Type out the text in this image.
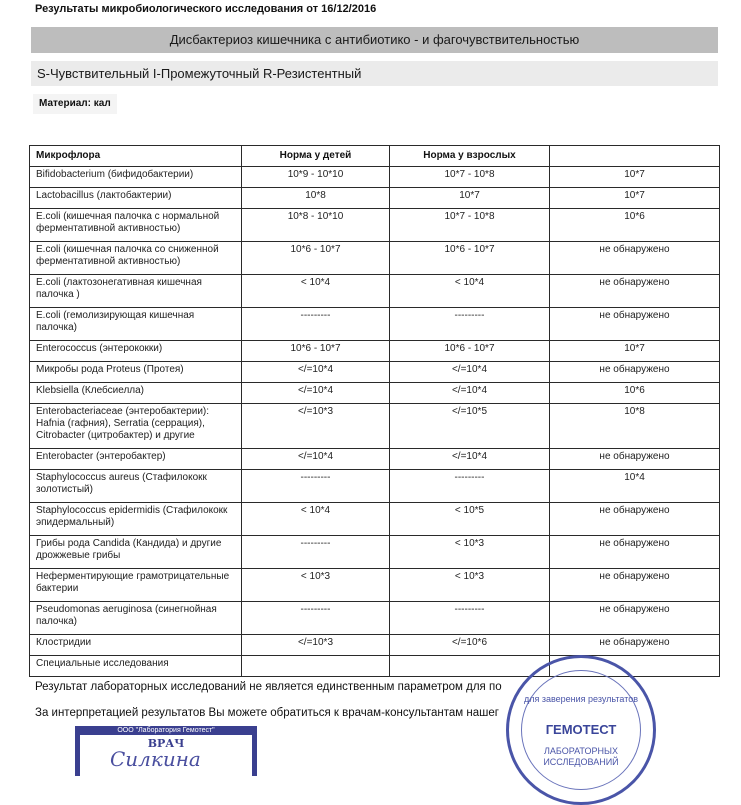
Результаты микробиологического исследования от 16/12/2016
Дисбактериоз кишечника с антибиотико - и фагочувствительностью
S-Чувствительный I-Промежуточный R-Резистентный
Материал: кал
Микрофлора	Норма у детей	Норма у взрослых	
Bifidobacterium (бифидобактерии)	10*9 - 10*10	10*7 - 10*8	10*7
Lactobacillus (лактобактерии)	10*8	10*7	10*7
E.coli (кишечная палочка с нормальной ферментативной активностью)	10*8 - 10*10	10*7 - 10*8	10*6
E.coli (кишечная палочка со сниженной ферментативной активностью)	10*6 - 10*7	10*6 - 10*7	не обнаружено
E.coli (лактозонегативная кишечная палочка )	< 10*4	< 10*4	не обнаружено
E.coli (гемолизирующая кишечная палочка)	---------	---------	не обнаружено
Enterococcus (энтерококки)	10*6 - 10*7	10*6 - 10*7	10*7
Микробы рода Proteus (Протея)	</=10*4	</=10*4	не обнаружено
Klebsiella (Клебсиелла)	</=10*4	</=10*4	10*6
Enterobacteriaceae (энтеробактерии): Hafnia (гафния), Serratia (серрация), Citrobacter (цитробактер) и другие	</=10*3	</=10*5	10*8
Enterobacter (энтеробактер)	</=10*4	</=10*4	не обнаружено
Staphylococcus aureus (Стафилококк золотистый)	---------	---------	10*4
Staphylococcus epidermidis (Стафилококк эпидермальный)	< 10*4	< 10*5	не обнаружено
Грибы рода Candida (Кандида) и другие дрожжевые грибы	---------	< 10*3	не обнаружено
Неферментирующие грамотрицательные бактерии	< 10*3	< 10*3	не обнаружено
Pseudomonas aeruginosa (синегнойная палочка)	---------	---------	не обнаружено
Клостридии	</=10*3	</=10*6	не обнаружено
Специальные исследования			
Результат лабораторных исследований не является единственным параметром для по
За интерпретацией результатов Вы можете обратиться к врачам-консультантам нашег
ООО "Лаборатория Гемотест"
ВРАЧ
Силкина
для заверения результатов
ГЕМОТЕСТ
ЛАБОРАТОРНЫХ ИССЛЕДОВАНИЙ
